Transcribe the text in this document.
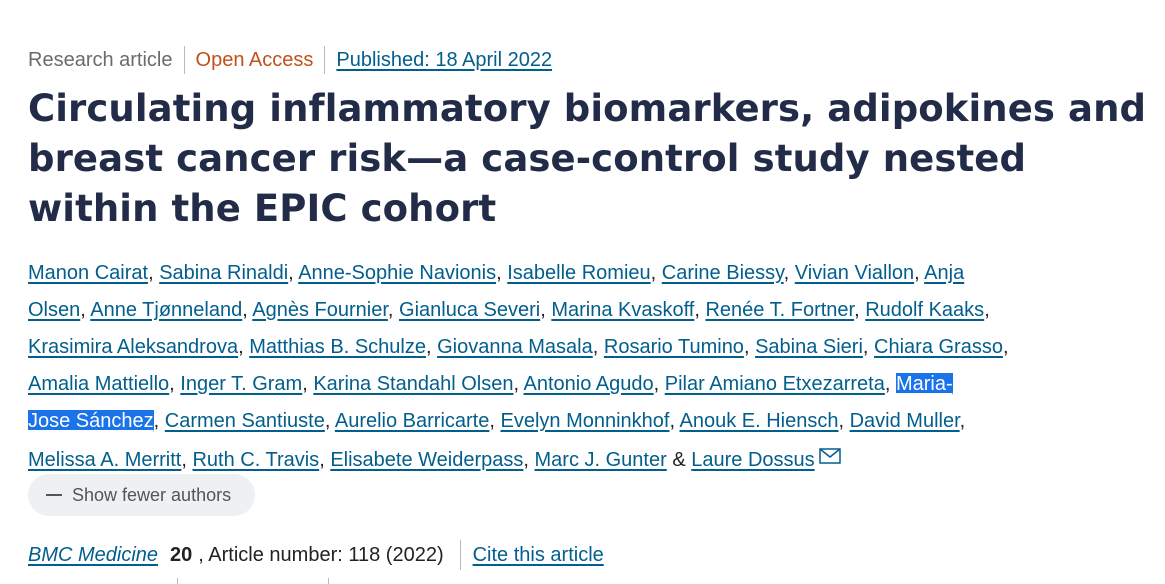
Research article Open Access Published: 18 April 2022
Circulating inflammatory biomarkers, adipokines and
breast cancer risk—a case-control study nested
within the EPIC cohort
Manon Cairat, Sabina Rinaldi, Anne-Sophie Navionis, Isabelle Romieu, Carine Biessy, Vivian Viallon, Anja
Olsen, Anne Tjønneland, Agnès Fournier, Gianluca Severi, Marina Kvaskoff, Renée T. Fortner, Rudolf Kaaks,
Krasimira Aleksandrova, Matthias B. Schulze, Giovanna Masala, Rosario Tumino, Sabina Sieri, Chiara Grasso,
Amalia Mattiello, Inger T. Gram, Karina Standahl Olsen, Antonio Agudo, Pilar Amiano Etxezarreta, Maria-
Jose Sánchez, Carmen Santiuste, Aurelio Barricarte, Evelyn Monninkhof, Anouk E. Hiensch, David Muller,
Melissa A. Merritt, Ruth C. Travis, Elisabete Weiderpass, Marc J. Gunter & Laure Dossus
Show fewer authors
BMC Medicine 20 , Article number: 118 (2022) Cite this article
